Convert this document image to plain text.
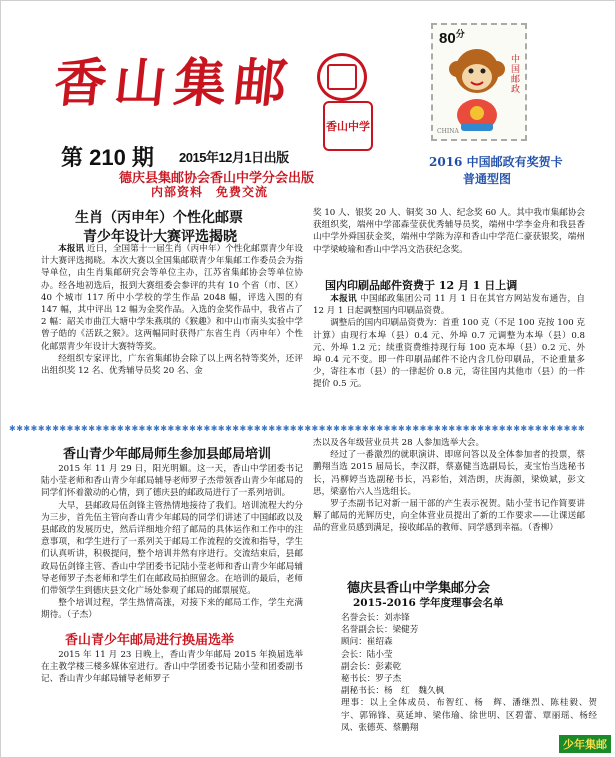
香山集邮
香山中学
第 210 期 2015年12月1日出版
$80^分$
中国邮政
CHINA
2016 中国邮政有奖贺卡
普通型图
德庆县集邮协会香山中学分会出版
内部资料　免费交流
生肖（丙申年）个性化邮票
青少年设计大赛评选揭晓

本报讯 近日，全国第十一届生肖（丙申年）个性化邮票青少年设计大赛评选揭晓。本次大赛以全国集邮联青少年集邮工作委员会为指导单位，由生肖集邮研究会等单位主办，江苏省集邮协会等单位协办。经各地初选后，报到大赛组委会参评的共有 10 个省（市、区）40 个城市 117 所中小学校的学生作品 2048 幅，评选入围的有 147 幅，其中评出 12 幅为金奖作品。入选的金奖作品中，我省占了 2 幅：韶关市曲江大塘中学朱燕琪的《猴趣》和中山市南头实验中学曾子皓的《活跃之猴》。这两幅同时获得广东省生肖（丙申年）个性化邮票青少年设计大赛特等奖。

经组织专家评比，广东省集邮协会除了以上两名特等奖外，还评出组织奖 12 名、优秀辅导员奖 20 名、金

奖 10 人、银奖 20 人、铜奖 30 人、纪念奖 60 人。其中我市集邮协会获组织奖，端州中学邵森莹获优秀辅导员奖，端州中学李金舟和我县香山中学外舜国获金奖，端州中学陈为淳和香山中学范仁豪获银奖，端州中学梁峻瑜和香山中学冯文浩获纪念奖。

国内印刷品邮件资费于 12 月 1 日上调

本报讯 中国邮政集团公司 11 月 1 日在其官方网站发布通告，自 12 月 1 日起调整国内印刷品资费。

调整后的国内印刷品资费为：首重 100 克（不足 100 克按 100 克计算）由现行本埠（县）0.4 元、外埠 0.7 元调整为本埠（县）0.8 元、外埠 1.2 元；续重资费维持现行每 100 克本埠（县）0.2 元、外埠 0.4 元不变。即一件印刷品邮件不论内含几份印刷品，不论重量多少，寄往本市（县）的一律起价 0.8 元，寄往国内其他市（县）的一件提价 0.5 元。

✱✱✱✱✱✱✱✱✱✱✱✱✱✱✱✱✱✱✱✱✱✱✱✱✱✱✱✱✱✱✱✱✱✱✱✱✱✱✱✱✱✱✱✱✱✱✱✱✱✱✱✱✱✱✱✱✱✱✱✱✱✱✱✱✱✱✱✱✱✱✱✱✱✱✱✱✱✱✱✱
香山青少年邮局师生参加县邮局培训

2015 年 11 月 29 日，阳光明媚。这一天，香山中学团委书记陆小莹老师和香山青少年邮局辅导老师罗子杰带领香山青少年邮局的同学们怀着激动的心情，到了德庆县的邮政局进行了一系列培训。

大早，县邮政局伍剑锋主管热情地接待了我们。培训流程大约分为三步，首先伍主管向香山青少年邮局的同学们讲述了中国邮政以及县邮政的发展历史，然后详细地介绍了邮局的具体运作和工作中的注意事项，和学生进行了一系列关于邮局工作流程的交流和指导，学生们认真听讲，积极提问，整个培训井然有序进行。交流结束后，县邮政局伍剑锋主管、香山中学团委书记陆小莹老师和香山青少年邮局辅导老师罗子杰老师和学生们在邮政局拍照留念。在培训的最后，老师们带领学生到德庆县文化广场处参观了邮局的邮票展览。

整个培训过程，学生热情高涨，对接下来的邮局工作，学生充满期待。（子杰）

香山青少年邮局进行换届选举

2015 年 11 月 23 日晚上，香山青少年邮局 2015 年换届选举在主教学楼三楼多媒体室进行。香山中学团委书记陆小莹和团委副书记、香山青少年邮局辅导老师罗子

杰以及各年级营业员共 28 人参加选举大会。

经过了一番激烈的就职演讲、即席问答以及全体参加者的投票，蔡鹏翔当选 2015 届局长，李汉群，蔡嘉健当选副局长，麦宝怡当选秘书长，冯柳婷当选副秘书长，冯彩怡，刘浩朗，庆海颜，梁焕斌，彭文思，梁嘉怡六人当选组长。

罗子杰副书记对新一届干部的产生表示祝贺。陆小莹书记作简要讲解了邮局的光辉历史，向全体营业员提出了新的工作要求——让课送邮品的营业员感到满足，接收邮品的教师、同学感到幸福。（香柳）

德庆县香山中学集邮分会
2015-2016 学年度理事会名单
名誉会长：刘赤锋
名誉副会长：梁健芳
顾问：崔绍森
会长：陆小莹
副会长：彭素乾
秘书长：罗子杰
副秘书长：杨　红　魏久枫
理事：以上全体成员、布智红、杨　辉、潘继烈、陈桂毅、贺　宇、郭锦锋、莫延坤、梁伟瑜、徐世明、区碧蕾、覃丽瑶、杨经凤、张德英、蔡鹏翔
少年集邮
